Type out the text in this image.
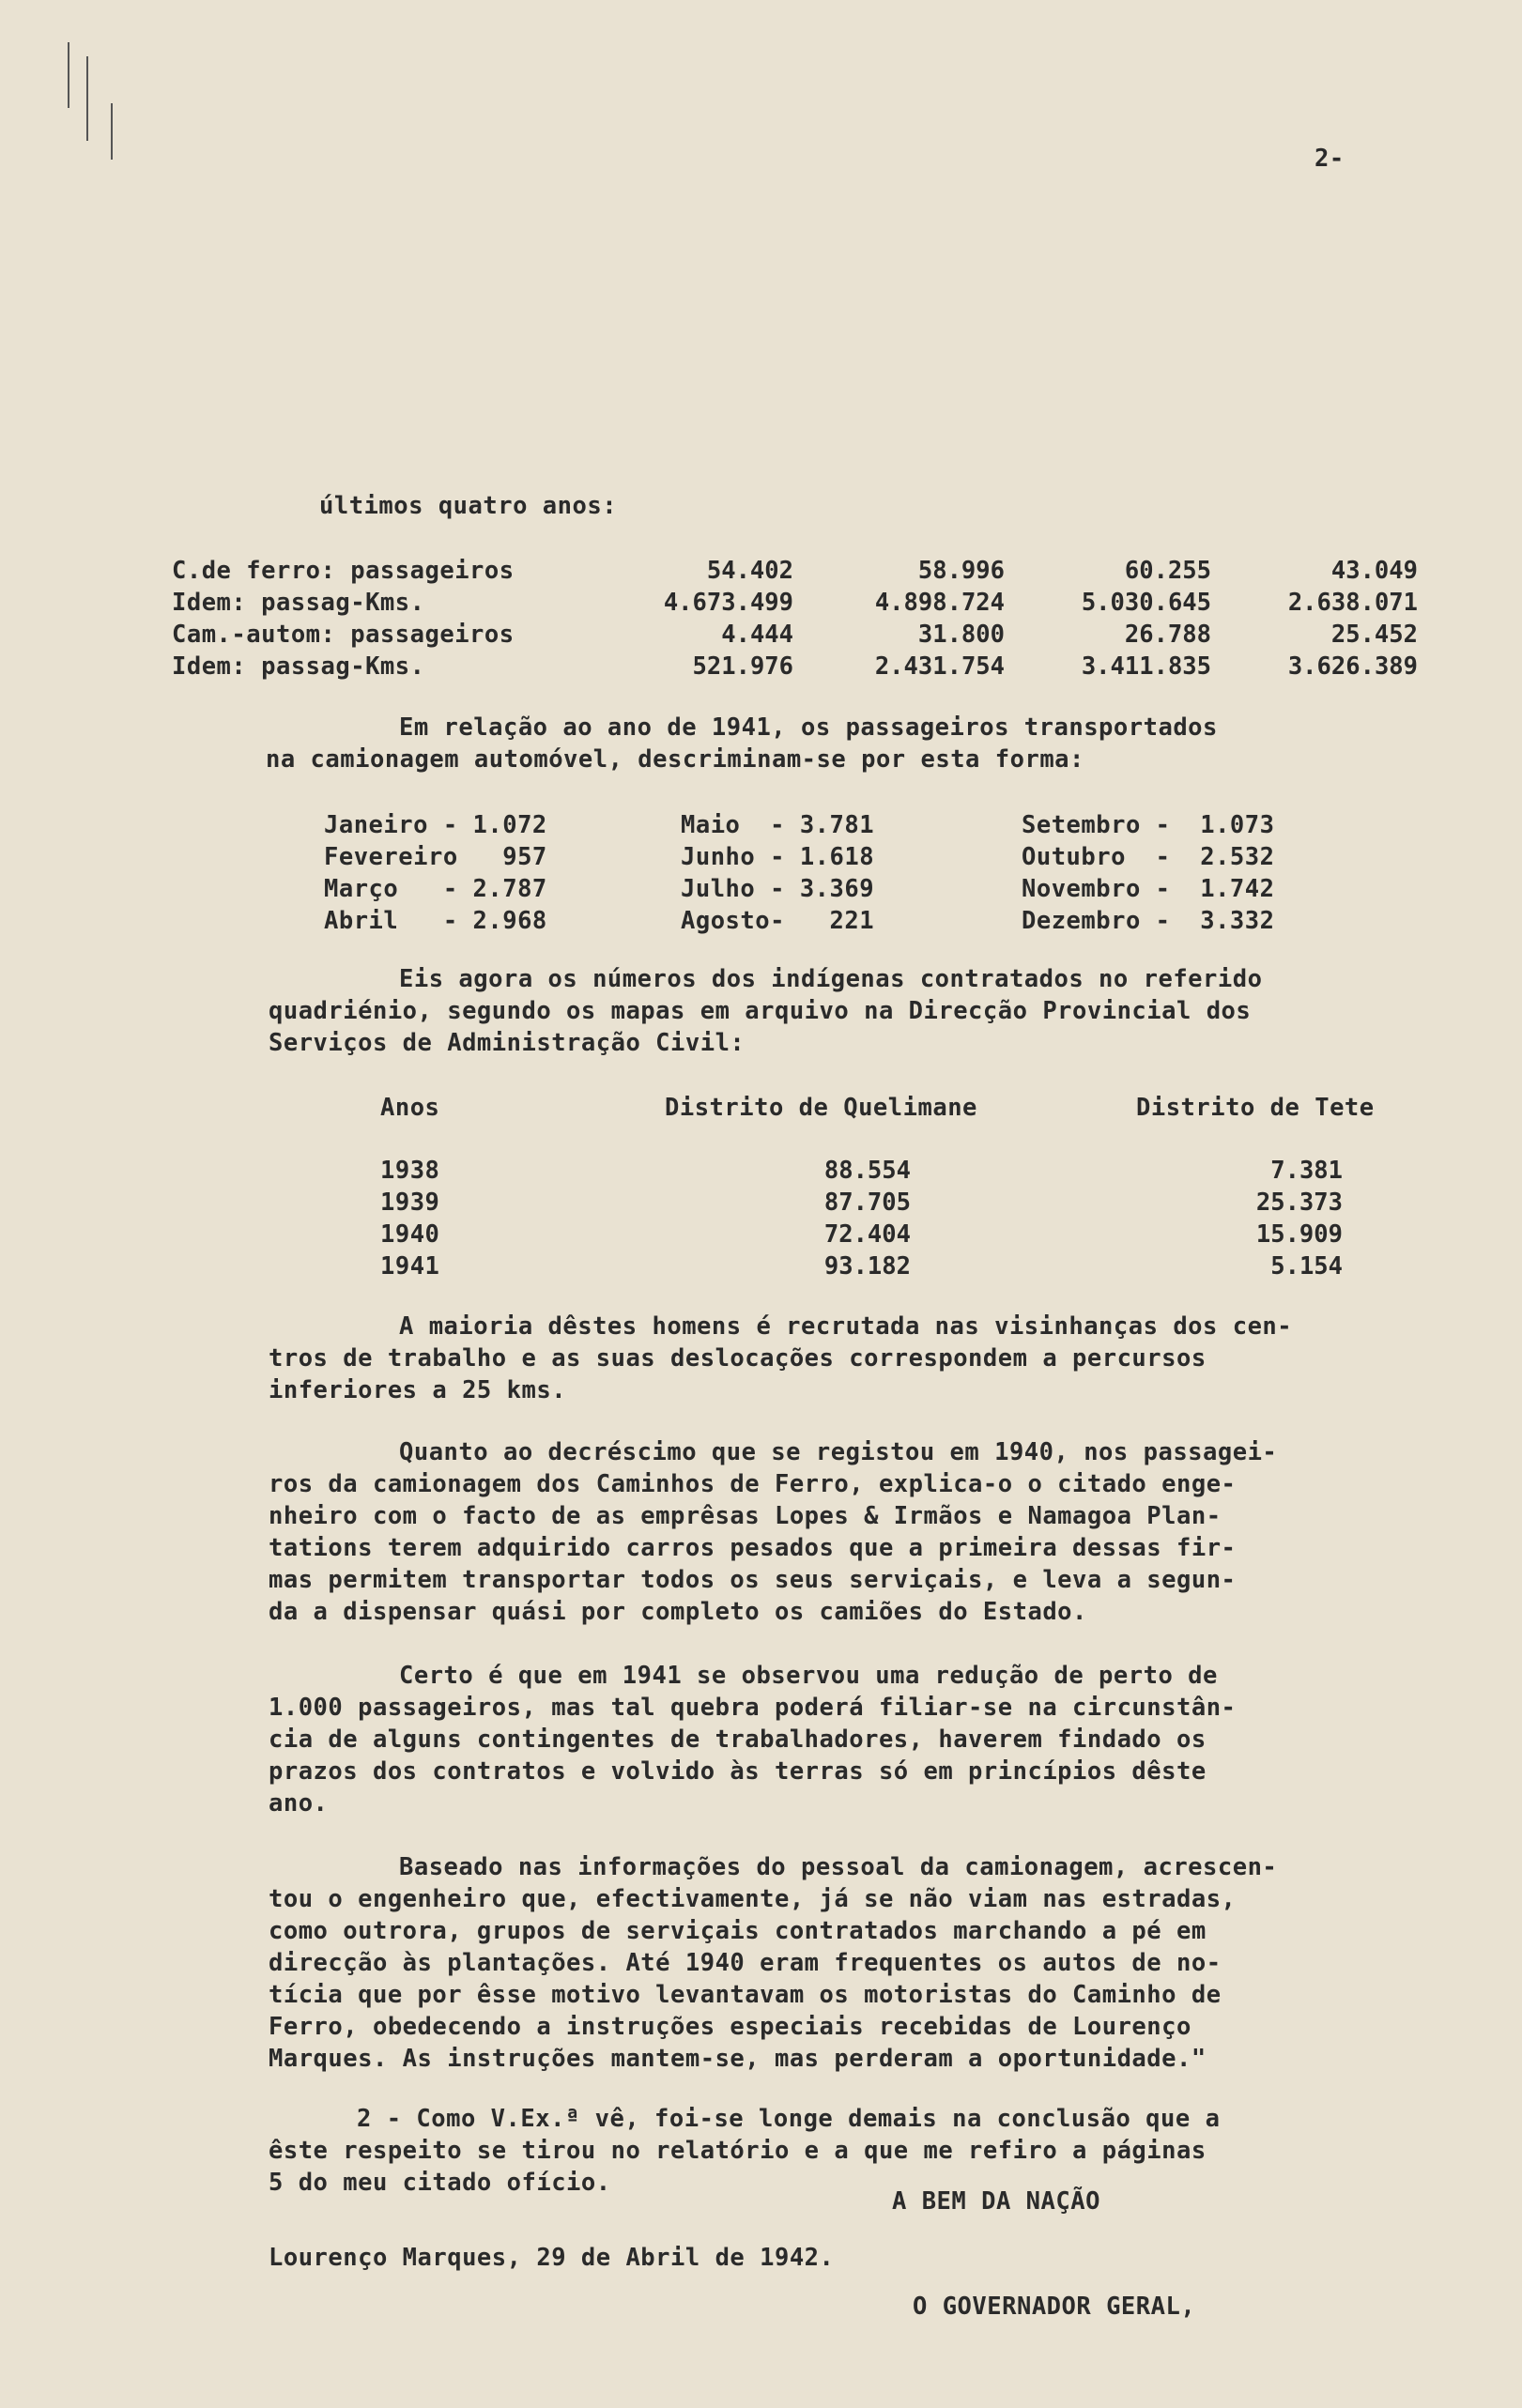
2-
últimos quatro anos:
C.de ferro: passageiros	54.402	58.996	60.255	43.049
Idem: passag-Kms.	4.673.499	4.898.724	5.030.645	2.638.071
Cam.-autom: passageiros	4.444	31.800	26.788	25.452
Idem: passag-Kms.	521.976	2.431.754	3.411.835	3.626.389
Em relação ao ano de 1941, os passageiros transportados
na camionagem automóvel, descriminam-se por esta forma:
Janeiro - 1.072	Maio  - 3.781	Setembro -  1.073
Fevereiro   957	Junho - 1.618	Outubro  -  2.532
Março   - 2.787	Julho - 3.369	Novembro -  1.742
Abril   - 2.968	Agosto-   221	Dezembro -  3.332
Eis agora os números dos indígenas contratados no referido
quadriénio, segundo os mapas em arquivo na Direcção Provincial dos
Serviços de Administração Civil:
Anos	Distrito de Quelimane	Distrito de Tete
1938	88.554	7.381
1939	87.705	25.373
1940	72.404	15.909
1941	93.182	5.154
A maioria dêstes homens é recrutada nas visinhanças dos cen-
tros de trabalho e as suas deslocações correspondem a percursos
inferiores a 25 kms.
Quanto ao decréscimo que se registou em 1940, nos passagei-
ros da camionagem dos Caminhos de Ferro, explica-o o citado enge-
nheiro com o facto de as emprêsas Lopes & Irmãos e Namagoa Plan-
tations terem adquirido carros pesados que a primeira dessas fir-
mas permitem transportar todos os seus serviçais, e leva a segun-
da a dispensar quási por completo os camiões do Estado.
Certo é que em 1941 se observou uma redução de perto de
1.000 passageiros, mas tal quebra poderá filiar-se na circunstân-
cia de alguns contingentes de trabalhadores, haverem findado os
prazos dos contratos e volvido às terras só em princípios dêste
ano.
Baseado nas informações do pessoal da camionagem, acrescen-
tou o engenheiro que, efectivamente, já se não viam nas estradas,
como outrora, grupos de serviçais contratados marchando a pé em
direcção às plantações. Até 1940 eram frequentes os autos de no-
tícia que por êsse motivo levantavam os motoristas do Caminho de
Ferro, obedecendo a instruções especiais recebidas de Lourenço
Marques. As instruções mantem-se, mas perderam a oportunidade."
2 - Como V.Ex.ª vê, foi-se longe demais na conclusão que a
êste respeito se tirou no relatório e a que me refiro a páginas
5 do meu citado ofício.
A BEM DA NAÇÃO
Lourenço Marques, 29 de Abril de 1942.
O GOVERNADOR GERAL,
